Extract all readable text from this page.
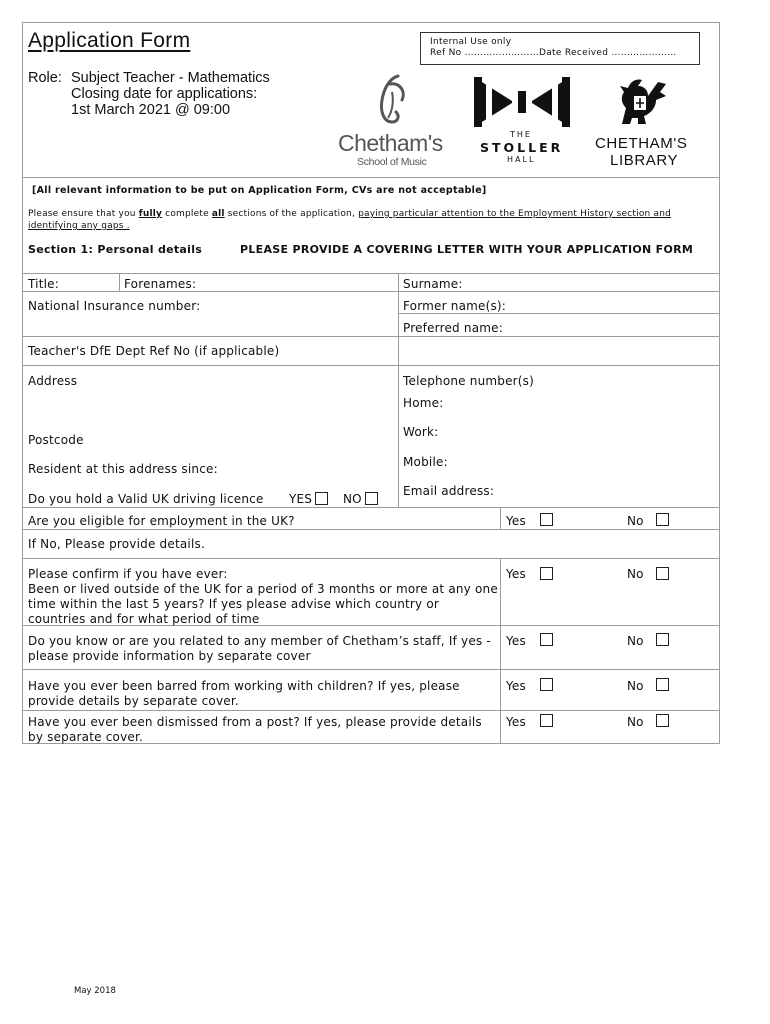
Application Form
Role: Subject Teacher - Mathematics
Closing date for applications:
1st March 2021 @ 09:00
Internal Use only
Ref No ……………………Date Received …………………
Chetham's
School of Music
THE
STOLLER
HALL
CHETHAM'S
LIBRARY
[All relevant information to be put on Application Form, CVs are not acceptable]
Please ensure that you fully complete all sections of the application, paying particular attention to the Employment History section and
identifying any gaps .
Section 1: Personal details	PLEASE PROVIDE A COVERING LETTER WITH YOUR APPLICATION FORM
Title:	Forenames:	Surname:
National Insurance number:	Former name(s):
Preferred name:
Teacher's DfE Dept Ref No (if applicable)
Address	Telephone number(s)
Home:
Work:
Postcode
Mobile:
Resident at this address since:
Email address:
Do you hold a Valid UK driving licence YES	NO
Are you eligible for employment in the UK?	Yes	No
If No, Please provide details.
Please confirm if you have ever:
Been or lived outside of the UK for a period of 3 months or more at any one time within the last 5 years? If yes please advise which country or countries and for what period of time
Yes	No
Do you know or are you related to any member of Chetham’s staff, If yes - please provide information by separate cover
Yes	No
Have you ever been barred from working with children? If yes, please provide details by separate cover.
Yes	No
Have you ever been dismissed from a post? If yes, please provide details by separate cover.
Yes	No
May 2018
